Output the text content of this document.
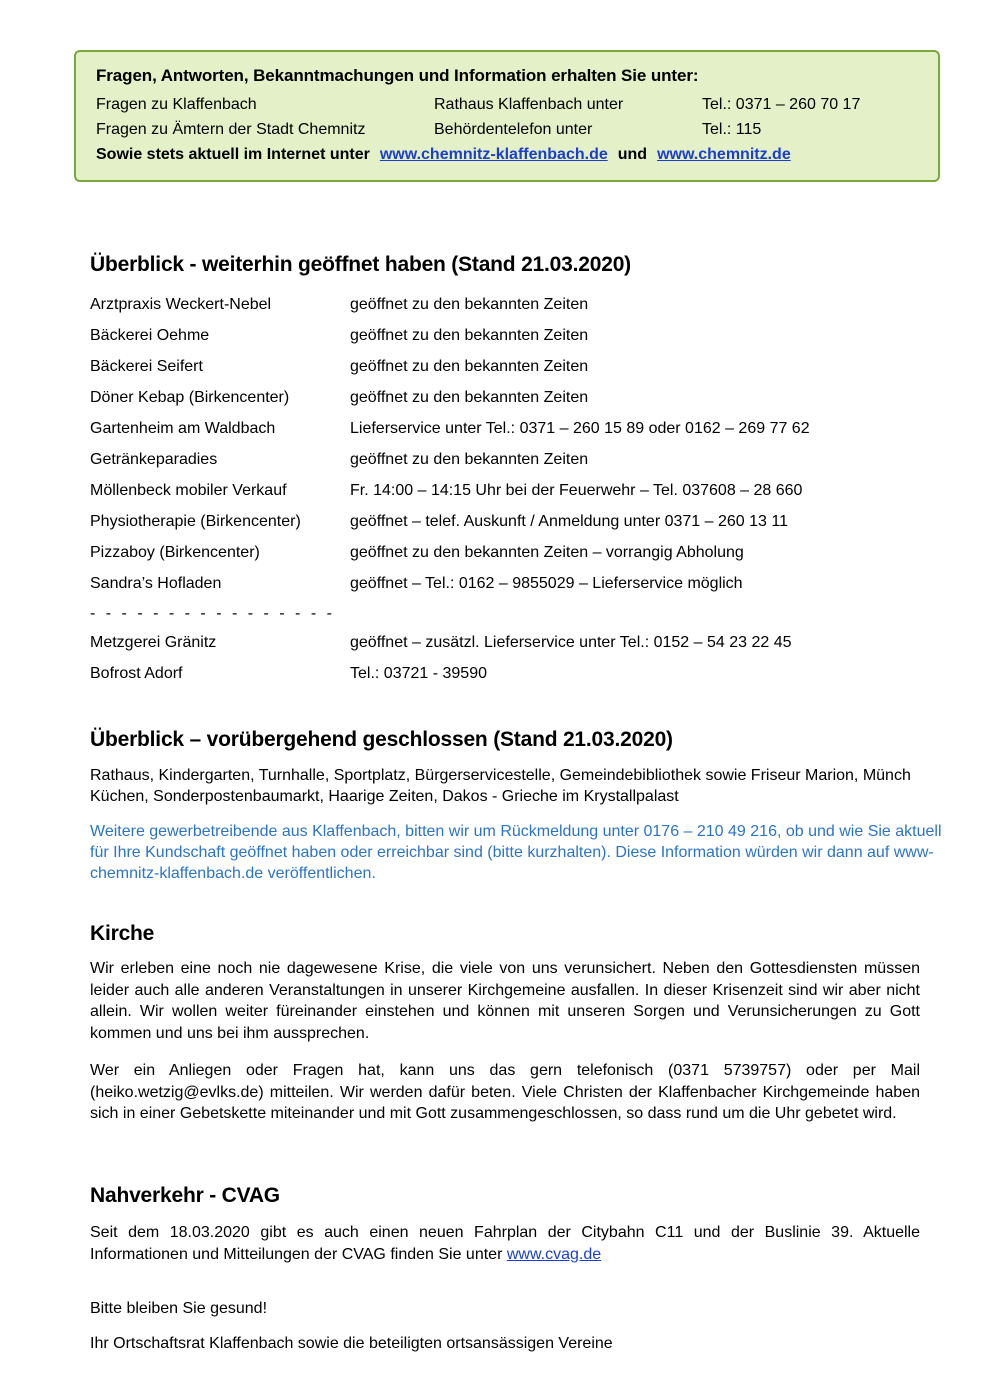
Fragen, Antworten, Bekanntmachungen und Information erhalten Sie unter:
Fragen zu Klaffenbach	Rathaus Klaffenbach unter	Tel.: 0371 – 260 70 17
Fragen zu Ämtern der Stadt Chemnitz	Behördentelefon unter	Tel.: 115
Sowie stets aktuell im Internet unter www.chemnitz-klaffenbach.de und www.chemnitz.de
Überblick - weiterhin geöffnet haben (Stand 21.03.2020)
Arztpraxis Weckert-Nebel	geöffnet zu den bekannten Zeiten
Bäckerei Oehme	geöffnet zu den bekannten Zeiten
Bäckerei Seifert	geöffnet zu den bekannten Zeiten
Döner Kebap (Birkencenter)	geöffnet zu den bekannten Zeiten
Gartenheim am Waldbach	Lieferservice unter Tel.: 0371 – 260 15 89 oder 0162 – 269 77 62
Getränkeparadies	geöffnet zu den bekannten Zeiten
Möllenbeck mobiler Verkauf	Fr. 14:00 – 14:15 Uhr bei der Feuerwehr – Tel. 037608 – 28 660
Physiotherapie (Birkencenter)	geöffnet – telef. Auskunft / Anmeldung unter 0371 – 260 13 11
Pizzaboy (Birkencenter)	geöffnet zu den bekannten Zeiten – vorrangig Abholung
Sandra’s Hofladen	geöffnet – Tel.: 0162 – 9855029 – Lieferservice möglich
- - - - - - - - - - - - - - - -
Metzgerei Gränitz	geöffnet – zusätzl. Lieferservice unter Tel.: 0152 – 54 23 22 45
Bofrost Adorf	Tel.: 03721 - 39590
Überblick – vorübergehend geschlossen (Stand 21.03.2020)
Rathaus, Kindergarten, Turnhalle, Sportplatz, Bürgerservicestelle, Gemeindebibliothek sowie Friseur Marion, Münch Küchen, Sonderpostenbaumarkt, Haarige Zeiten, Dakos - Grieche im Krystallpalast
Weitere gewerbetreibende aus Klaffenbach, bitten wir um Rückmeldung unter 0176 – 210 49 216, ob und wie Sie aktuell für Ihre Kundschaft geöffnet haben oder erreichbar sind (bitte kurzhalten). Diese Information würden wir dann auf www-chemnitz-klaffenbach.de veröffentlichen.
Kirche

Wir erleben eine noch nie dagewesene Krise, die viele von uns verunsichert. Neben den Gottesdiensten müssen leider auch alle anderen Veranstaltungen in unserer Kirchgemeine ausfallen. In dieser Krisenzeit sind wir aber nicht allein. Wir wollen weiter füreinander einstehen und können mit unseren Sorgen und Verunsicherungen zu Gott kommen und uns bei ihm aussprechen.

Wer ein Anliegen oder Fragen hat, kann uns das gern telefonisch (0371 5739757) oder per Mail (heiko.wetzig@evlks.de) mitteilen. Wir werden dafür beten. Viele Christen der Klaffenbacher Kirchgemeinde haben sich in einer Gebetskette miteinander und mit Gott zusammengeschlossen, so dass rund um die Uhr gebetet wird.

Nahverkehr - CVAG

Seit dem 18.03.2020 gibt es auch einen neuen Fahrplan der Citybahn C11 und der Buslinie 39. Aktuelle Informationen und Mitteilungen der CVAG finden Sie unter www.cvag.de

Bitte bleiben Sie gesund!

Ihr Ortschaftsrat Klaffenbach sowie die beteiligten ortsansässigen Vereine
